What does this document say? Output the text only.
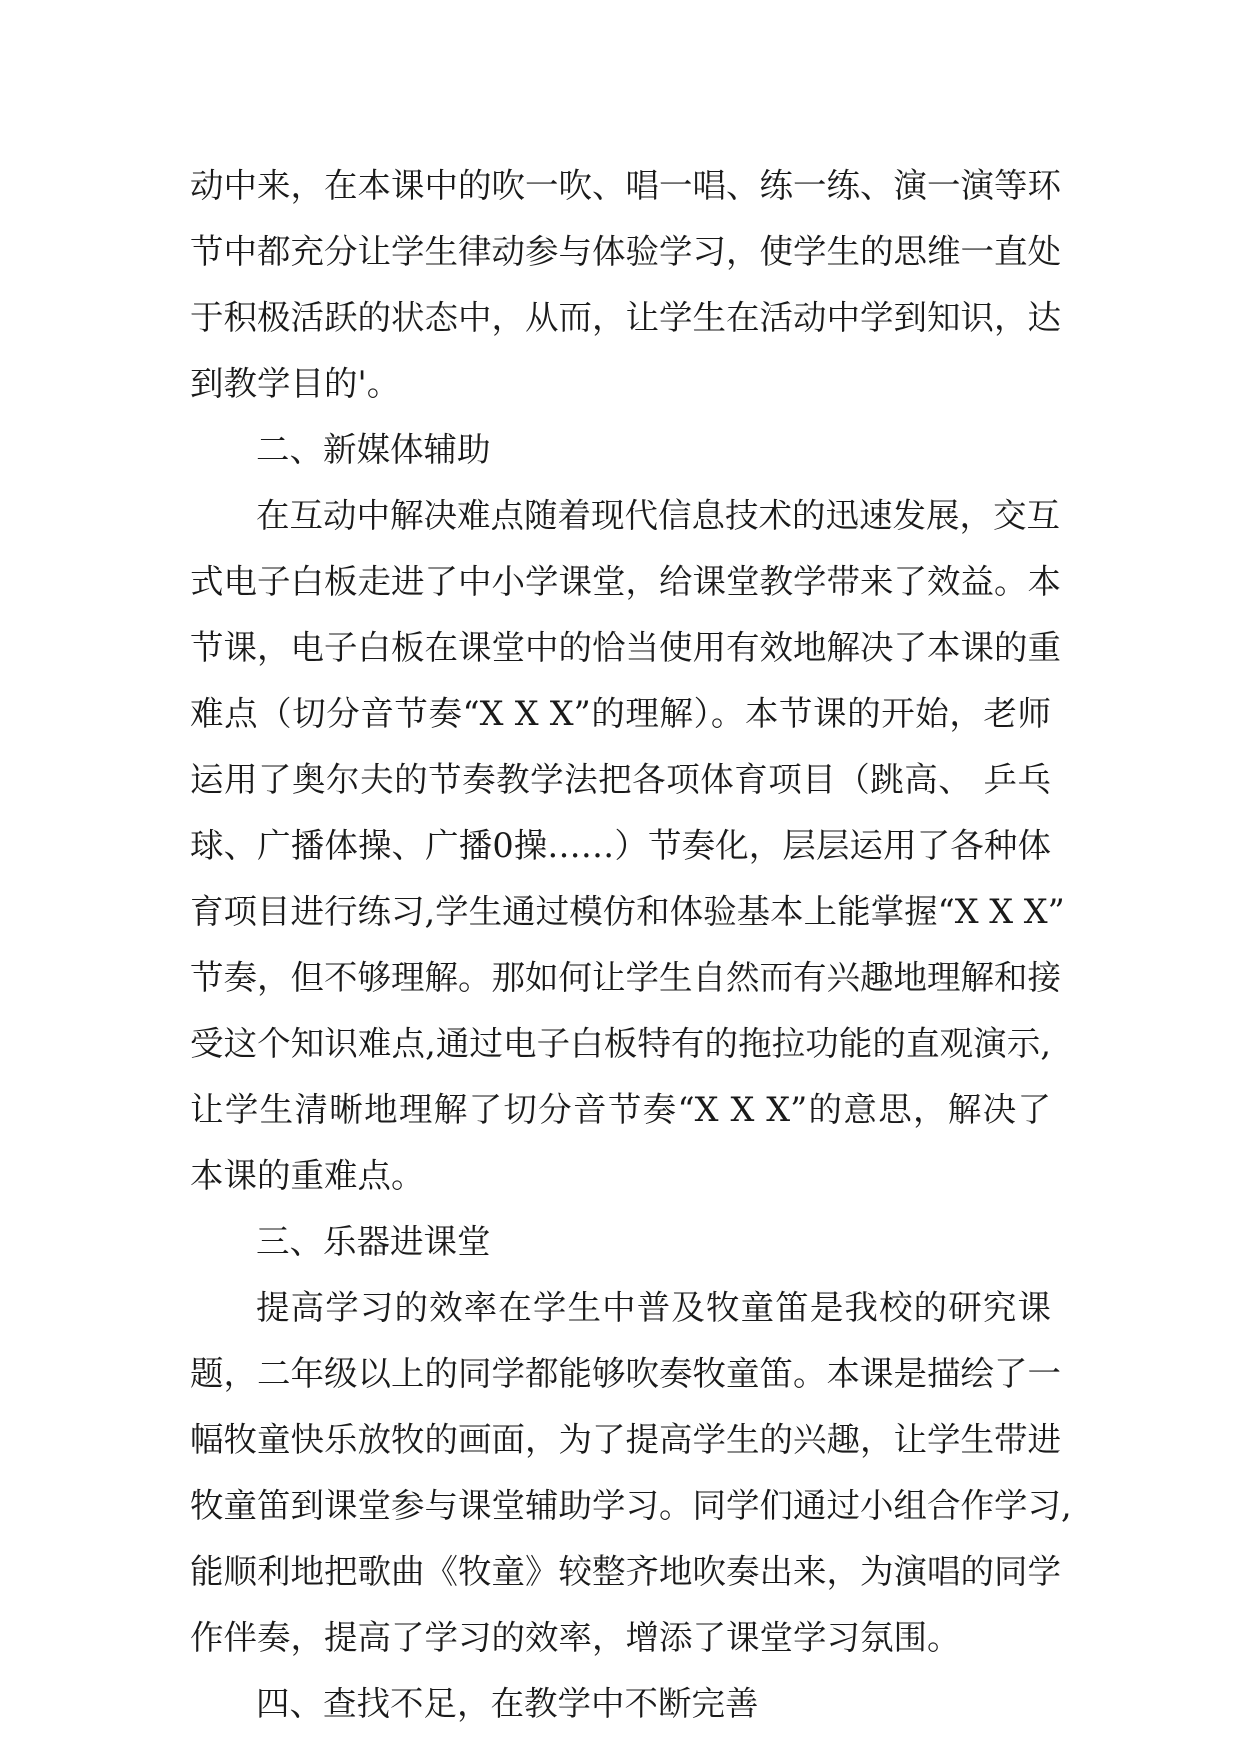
动中来，在本课中的吹一吹、唱一唱、练一练、演一演等环
节中都充分让学生律动参与体验学习，使学生的思维一直处
于积极活跃的状态中，从而，让学生在活动中学到知识，达
到教学目的'。
二、新媒体辅助
在互动中解决难点随着现代信息技术的迅速发展，交互
式电子白板走进了中小学课堂，给课堂教学带来了效益。本
节课，电子白板在课堂中的恰当使用有效地解决了本课的重
难点（切分音节奏“X X X”的理解）。本节课的开始，老师
运用了奥尔夫的节奏教学法把各项体育项目（跳高、 乒乓
球、广播体操、广播0操……）节奏化，层层运用了各种体
育项目进行练习,学生通过模仿和体验基本上能掌握“X X X”
节奏，但不够理解。那如何让学生自然而有兴趣地理解和接
受这个知识难点,通过电子白板特有的拖拉功能的直观演示,
让学生清晰地理解了切分音节奏“X X X”的意思，解决了
本课的重难点。
三、乐器进课堂
提高学习的效率在学生中普及牧童笛是我校的研究课
题，二年级以上的同学都能够吹奏牧童笛。本课是描绘了一
幅牧童快乐放牧的画面，为了提高学生的兴趣，让学生带进
牧童笛到课堂参与课堂辅助学习。同学们通过小组合作学习,
能顺利地把歌曲《牧童》较整齐地吹奏出来，为演唱的同学
作伴奏，提高了学习的效率，增添了课堂学习氛围。
四、查找不足，在教学中不断完善
